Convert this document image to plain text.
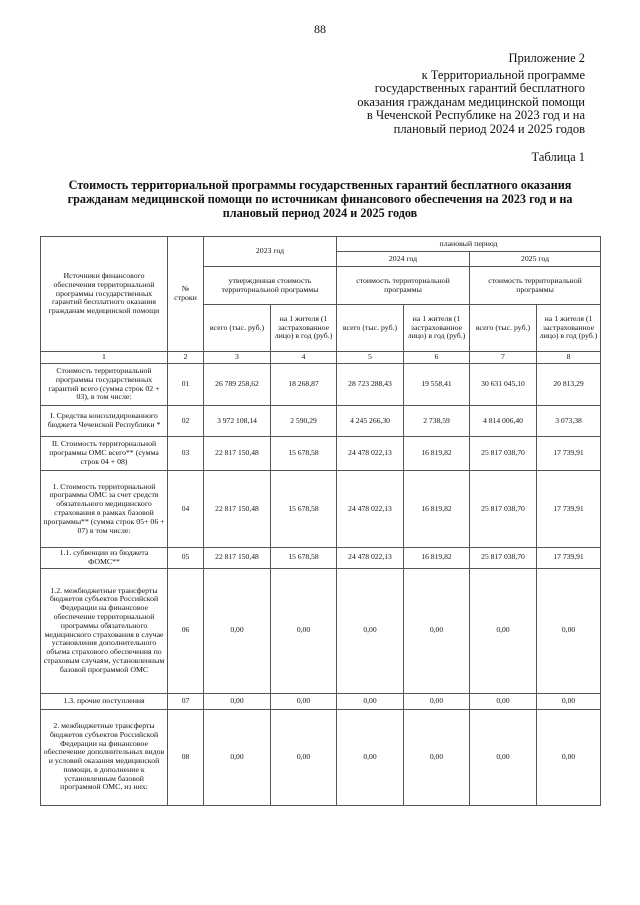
88
Приложение 2
к Территориальной программе
государственных гарантий бесплатного
оказания гражданам медицинской помощи
в Чеченской Республике на 2023 год и на
плановый период 2024 и 2025 годов
Таблица 1
Стоимость территориальной программы государственных гарантий бесплатного оказания гражданам медицинской помощи по источникам финансового обеспечения на 2023 год и на плановый период 2024 и 2025 годов
Источники финансового обеспечения территориальной программы государственных гарантий бесплатного оказания гражданам медицинской помощи	№ строки	2023 год		плановый период			
				2024 год		2025 год	
		утвержденная стоимость территориальной программы		стоимость территориальной программы		стоимость территориальной программы	
		всего (тыс. руб.)	на 1 жителя (1 застрахованное лицо) в год (руб.)	всего (тыс. руб.)	на 1 жителя (1 застрахованное лицо) в год (руб.)	всего (тыс. руб.)	на 1 жителя (1 застрахованное лицо) в год (руб.)
1	2	3	4	5	6	7	8
Стоимость территориальной программы государственных гарантий всего (сумма строк 02 + 03), в том числе:	01	26 789 258,62	18 268,87	28 723 288,43	19 558,41	30 631 045,10	20 813,29
I. Средства консолидированного бюджета Чеченской Республики *	02	3 972 108,14	2 590,29	4 245 266,30	2 738,59	4 814 006,40	3 073,38
II. Стоимость территориальной программы ОМС всего** (сумма строк 04 + 08)	03	22 817 150,48	15 678,58	24 478 022,13	16 819,82	25 817 038,70	17 739,91
1. Стоимость территориальной программы ОМС за счет средств обязательного медицинского страхования в рамках базовой программы** (сумма строк 05+ 06 + 07) в том числе:	04	22 817 150,48	15 678,58	24 478 022,13	16 819,82	25 817 038,70	17 739,91
1.1. субвенции из бюджета ФОМС**	05	22 817 150,48	15 678,58	24 478 022,13	16 819,82	25 817 038,70	17 739,91
1.2. межбюджетные трансферты бюджетов субъектов Российской Федерации на финансовое обеспечение территориальной программы обязательного медицинского страхования в случае установления дополнительного объема страхового обеспечения по страховым случаям, установленным базовой программой ОМС	06	0,00	0,00	0,00	0,00	0,00	0,00
1.3. прочие поступления	07	0,00	0,00	0,00	0,00	0,00	0,00
2. межбюджетные трансферты бюджетов субъектов Российской Федерации на финансовое обеспечение дополнительных видов и условий оказания медицинской помощи, в дополнение к установленным базовой программой ОМС, из них:	08	0,00	0,00	0,00	0,00	0,00	0,00
